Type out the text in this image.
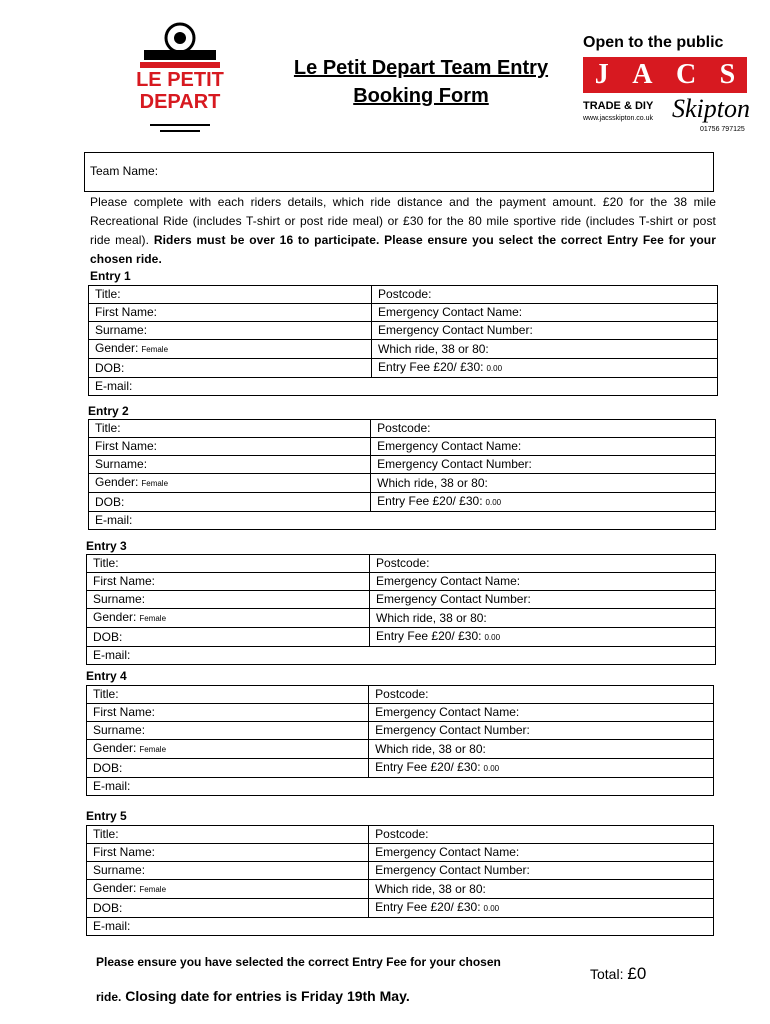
LE PETIT
DEPART
Le Petit Depart Team Entry
Booking Form
Open to the public
J A C S
TRADE & DIY Skipton
www.jacsskipton.co.uk
01756 797125
Team Name:
Please complete with each riders details, which ride distance and the payment amount. £20 for the 38 mile Recreational Ride (includes T-shirt or post ride meal) or £30 for the 80 mile sportive ride (includes T-shirt or post ride meal). Riders must be over 16 to participate. Please ensure you select the correct Entry Fee for your chosen ride.
Entry 1
Title:	Postcode:
First Name:	Emergency Contact Name:
Surname:	Emergency Contact Number:
Gender: Female	Which ride, 38 or 80:
DOB:	Entry Fee £20/ £30: 0.00
E-mail:	
Entry 2
Title:	Postcode:
First Name:	Emergency Contact Name:
Surname:	Emergency Contact Number:
Gender: Female	Which ride, 38 or 80:
DOB:	Entry Fee £20/ £30: 0.00
E-mail:	
Entry 3
Title:	Postcode:
First Name:	Emergency Contact Name:
Surname:	Emergency Contact Number:
Gender: Female	Which ride, 38 or 80:
DOB:	Entry Fee £20/ £30: 0.00
E-mail:	
Entry 4
Title:	Postcode:
First Name:	Emergency Contact Name:
Surname:	Emergency Contact Number:
Gender: Female	Which ride, 38 or 80:
DOB:	Entry Fee £20/ £30: 0.00
E-mail:	
Entry 5
Title:	Postcode:
First Name:	Emergency Contact Name:
Surname:	Emergency Contact Number:
Gender: Female	Which ride, 38 or 80:
DOB:	Entry Fee £20/ £30: 0.00
E-mail:	
Please ensure you have selected the correct Entry Fee for your chosen
Total: £0
ride. Closing date for entries is Friday 19th May.
